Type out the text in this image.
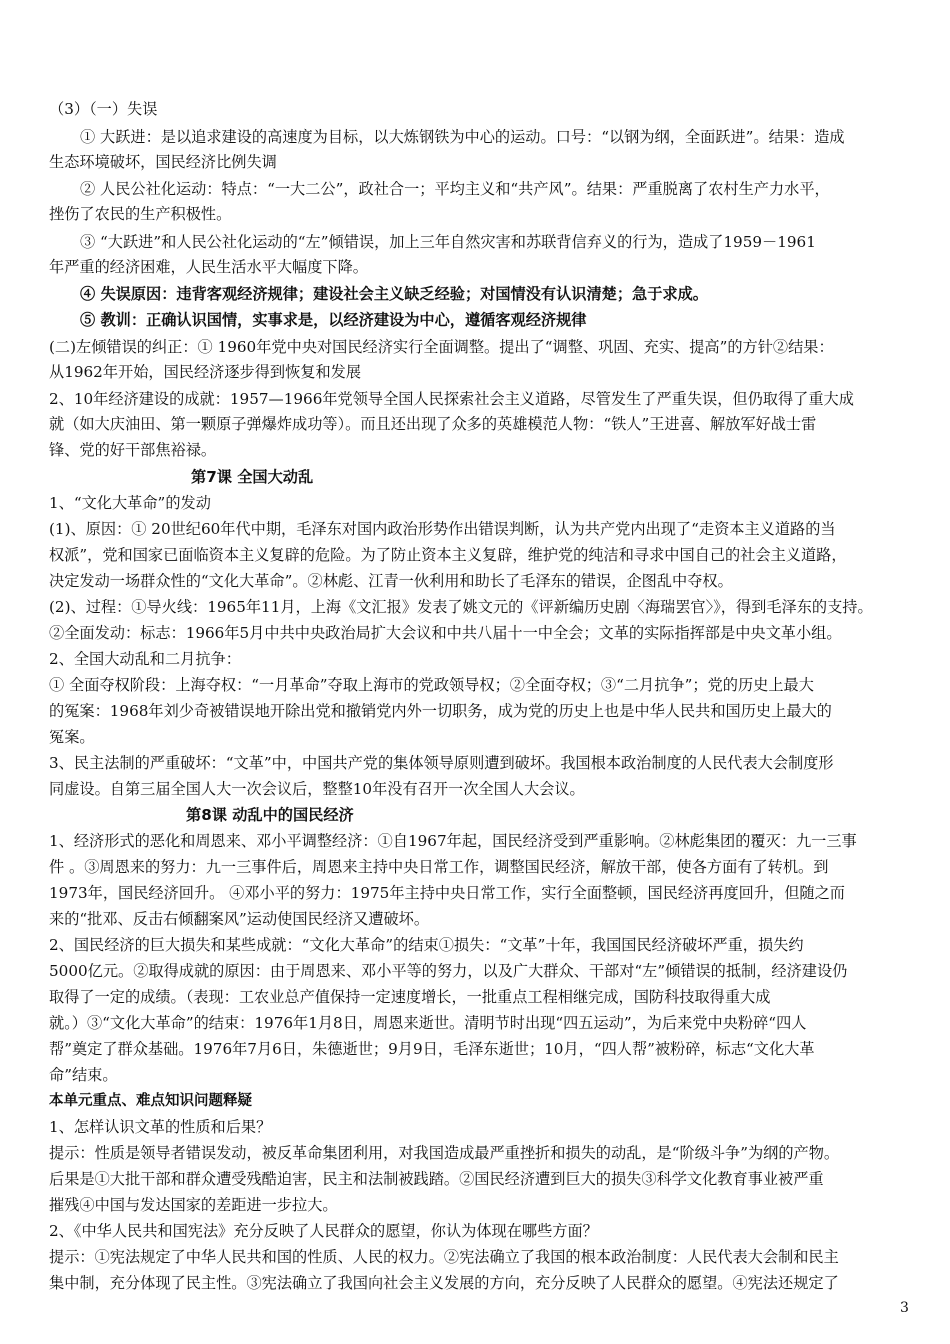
（3）（一）失误
① 大跃进：是以追求建设的高速度为目标，以大炼钢铁为中心的运动。口号：“以钢为纲，全面跃进”。结果：造成
生态环境破坏，国民经济比例失调
② 人民公社化运动：特点：“一大二公”，政社合一；平均主义和“共产风”。结果：严重脱离了农村生产力水平，
挫伤了农民的生产积极性。
③ “大跃进”和人民公社化运动的“左”倾错误，加上三年自然灾害和苏联背信弃义的行为，造成了1959－1961
年严重的经济困难，人民生活水平大幅度下降。
④ 失误原因：违背客观经济规律；建设社会主义缺乏经验；对国情没有认识清楚；急于求成。
⑤ 教训：正确认识国情，实事求是，以经济建设为中心，遵循客观经济规律
(二)左倾错误的纠正：① 1960年党中央对国民经济实行全面调整。提出了“调整、巩固、充实、提高”的方针②结果：
从1962年开始，国民经济逐步得到恢复和发展
2、10年经济建设的成就：1957—1966年党领导全国人民探索社会主义道路，尽管发生了严重失误，但仍取得了重大成
就（如大庆油田、第一颗原子弹爆炸成功等）。而且还出现了众多的英雄模范人物：“铁人”王进喜、解放军好战士雷
锋、党的好干部焦裕禄。
第7课 全国大动乱
1、“文化大革命”的发动
(1)、原因：① 20世纪60年代中期，毛泽东对国内政治形势作出错误判断，认为共产党内出现了“走资本主义道路的当
权派”，党和国家已面临资本主义复辟的危险。为了防止资本主义复辟，维护党的纯洁和寻求中国自己的社会主义道路，
决定发动一场群众性的“文化大革命”。②林彪、江青一伙利用和助长了毛泽东的错误，企图乱中夺权。
(2)、过程：①导火线：1965年11月，上海《文汇报》发表了姚文元的《评新编历史剧〈海瑞罢官〉》，得到毛泽东的支持。
②全面发动：标志：1966年5月中共中央政治局扩大会议和中共八届十一中全会；文革的实际指挥部是中央文革小组。
2、全国大动乱和二月抗争：
① 全面夺权阶段：上海夺权：“一月革命”夺取上海市的党政领导权；②全面夺权；③“二月抗争”；党的历史上最大
的冤案：1968年刘少奇被错误地开除出党和撤销党内外一切职务，成为党的历史上也是中华人民共和国历史上最大的
冤案。
3、民主法制的严重破坏：“文革”中，中国共产党的集体领导原则遭到破坏。我国根本政治制度的人民代表大会制度形
同虚设。自第三届全国人大一次会议后，整整10年没有召开一次全国人大会议。
第8课 动乱中的国民经济
1、经济形式的恶化和周恩来、邓小平调整经济：①自1967年起，国民经济受到严重影响。②林彪集团的覆灭：九一三事
件 。③周恩来的努力：九一三事件后，周恩来主持中央日常工作，调整国民经济，解放干部，使各方面有了转机。到
1973年，国民经济回升。 ④邓小平的努力：1975年主持中央日常工作，实行全面整顿，国民经济再度回升，但随之而
来的“批邓、反击右倾翻案风”运动使国民经济又遭破坏。
2、国民经济的巨大损失和某些成就：“文化大革命”的结束①损失：“文革”十年，我国国民经济破坏严重，损失约
5000亿元。②取得成就的原因：由于周恩来、邓小平等的努力，以及广大群众、干部对“左”倾错误的抵制，经济建设仍
取得了一定的成绩。（表现：工农业总产值保持一定速度增长，一批重点工程相继完成，国防科技取得重大成
就。）③“文化大革命”的结束：1976年1月8日，周恩来逝世。清明节时出现“四五运动”，为后来党中央粉碎“四人
帮”奠定了群众基础。1976年7月6日，朱德逝世；9月9日，毛泽东逝世；10月，“四人帮”被粉碎，标志“文化大革
命”结束。
本单元重点、难点知识问题释疑
1、怎样认识文革的性质和后果？
提示：性质是领导者错误发动，被反革命集团利用，对我国造成最严重挫折和损失的动乱，是“阶级斗争”为纲的产物。
后果是①大批干部和群众遭受残酷迫害，民主和法制被践踏。②国民经济遭到巨大的损失③科学文化教育事业被严重
摧残④中国与发达国家的差距进一步拉大。
2、《中华人民共和国宪法》充分反映了人民群众的愿望，你认为体现在哪些方面？
提示：①宪法规定了中华人民共和国的性质、人民的权力。②宪法确立了我国的根本政治制度：人民代表大会制和民主
集中制，充分体现了民主性。③宪法确立了我国向社会主义发展的方向，充分反映了人民群众的愿望。④宪法还规定了
3
